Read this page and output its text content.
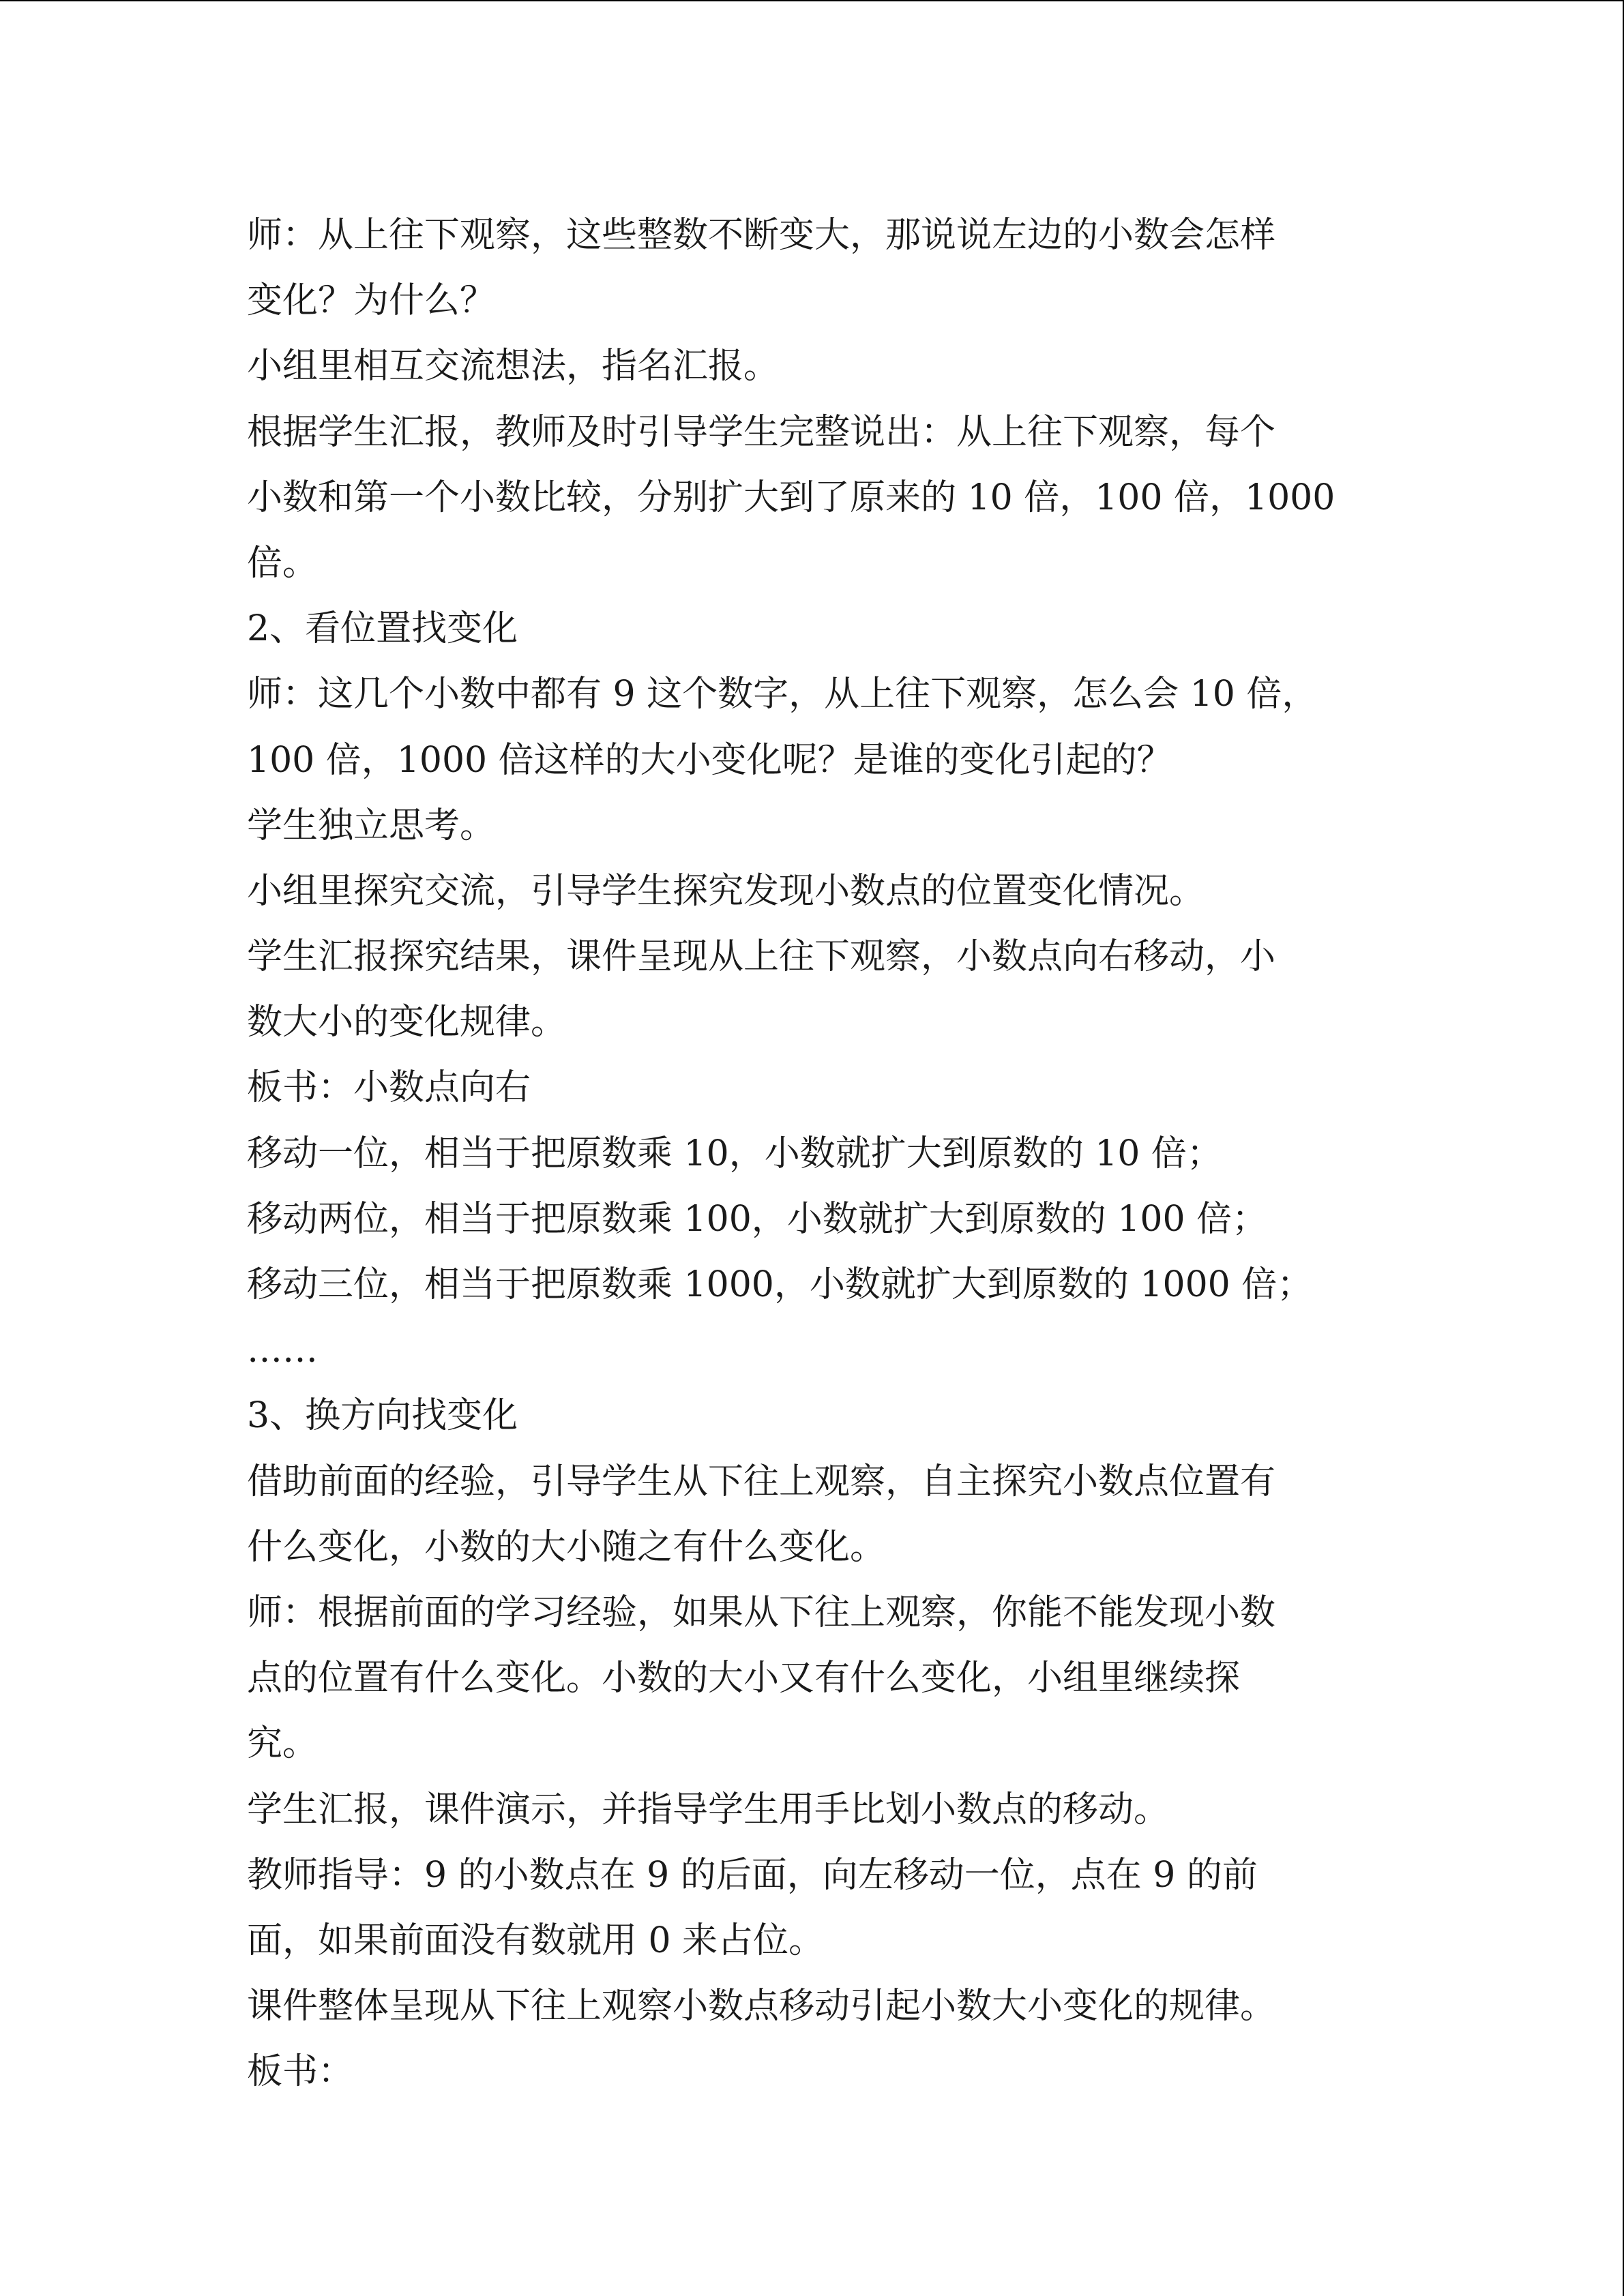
师：从上往下观察，这些整数不断变大，那说说左边的小数会怎样
变化？为什么？
小组里相互交流想法，指名汇报。
根据学生汇报，教师及时引导学生完整说出：从上往下观察，每个
小数和第一个小数比较，分别扩大到了原来的 10 倍，100 倍，1000
倍。
2、看位置找变化
师：这几个小数中都有 9 这个数字，从上往下观察，怎么会 10 倍，
100 倍，1000 倍这样的大小变化呢？是谁的变化引起的？
学生独立思考。
小组里探究交流，引导学生探究发现小数点的位置变化情况。
学生汇报探究结果，课件呈现从上往下观察，小数点向右移动，小
数大小的变化规律。
板书：小数点向右
移动一位，相当于把原数乘 10，小数就扩大到原数的 10 倍；
移动两位，相当于把原数乘 100，小数就扩大到原数的 100 倍；
移动三位，相当于把原数乘 1000，小数就扩大到原数的 1000 倍；
……
3、换方向找变化
借助前面的经验，引导学生从下往上观察，自主探究小数点位置有
什么变化，小数的大小随之有什么变化。
师：根据前面的学习经验，如果从下往上观察，你能不能发现小数
点的位置有什么变化。小数的大小又有什么变化，小组里继续探
究。
学生汇报，课件演示，并指导学生用手比划小数点的移动。
教师指导：9 的小数点在 9 的后面，向左移动一位，点在 9 的前
面，如果前面没有数就用 0 来占位。
课件整体呈现从下往上观察小数点移动引起小数大小变化的规律。
板书：
